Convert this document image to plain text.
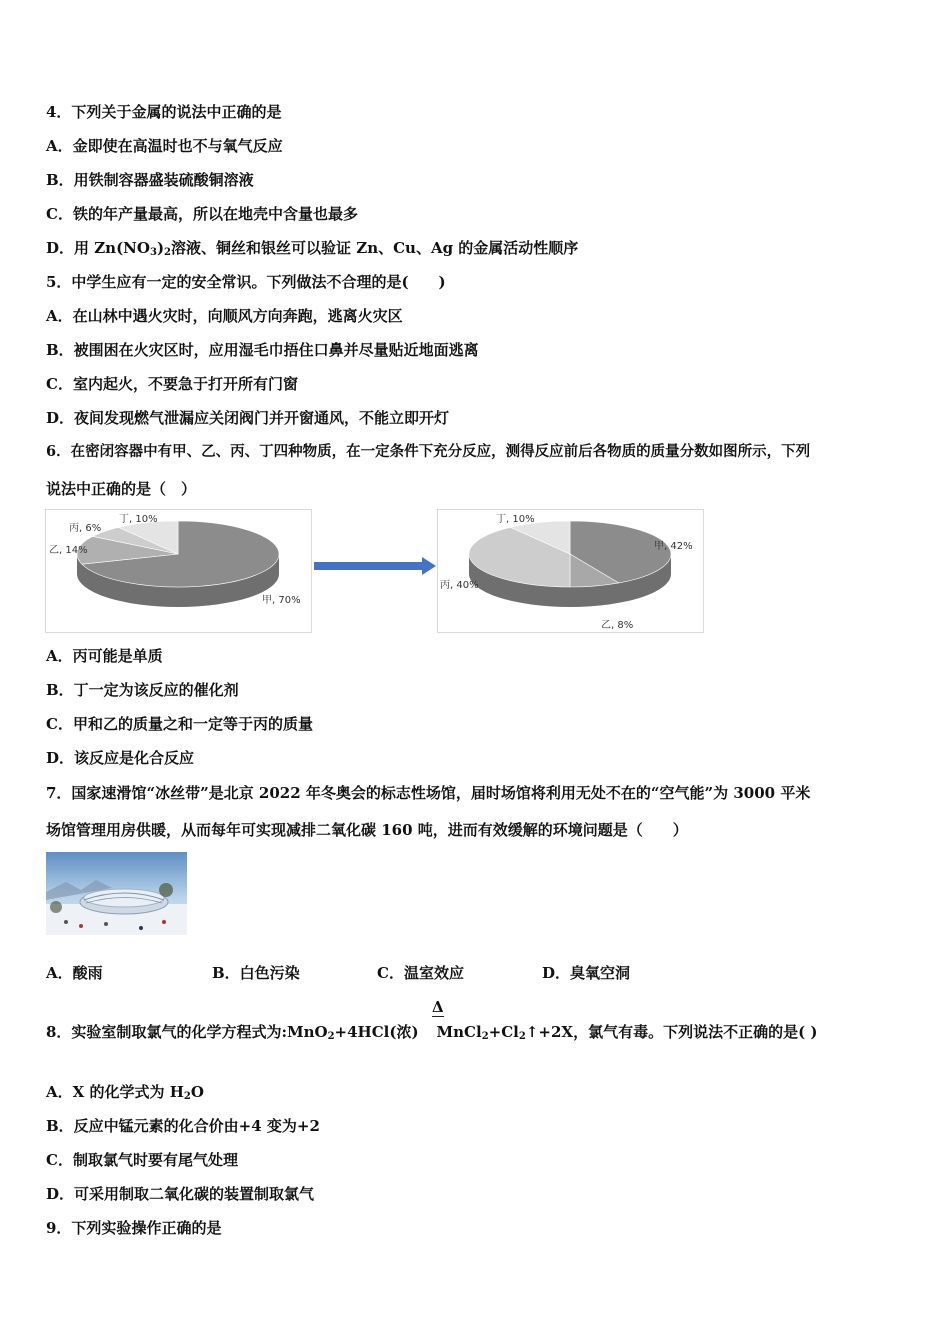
4．下列关于金属的说法中正确的是
A．金即使在高温时也不与氧气反应
B．用铁制容器盛装硫酸铜溶液
C．铁的年产量最高，所以在地壳中含量也最多
D．用 $Zn(NO_3)_2$溶液、铜丝和银丝可以验证 Zn、Cu、Ag 的金属活动性顺序
5．中学生应有一定的安全常识。下列做法不合理的是(　　)
A．在山林中遇火灾时，向顺风方向奔跑，逃离火灾区
B．被围困在火灾区时，应用湿毛巾捂住口鼻并尽量贴近地面逃离
C．室内起火，不要急于打开所有门窗
D．夜间发现燃气泄漏应关闭阀门并开窗通风，不能立即开灯
6．在密闭容器中有甲、乙、丙、丁四种物质，在一定条件下充分反应，测得反应前后各物质的质量分数如图所示，下列
说法中正确的是（　）
甲, 70%
乙, 14%
丙, 6%
丁, 10%
甲, 42%
乙, 8%
丙, 40%
丁, 10%
A．丙可能是单质
B．丁一定为该反应的催化剂
C．甲和乙的质量之和一定等于丙的质量
D．该反应是化合反应
7．国家速滑馆“冰丝带”是北京 2022 年冬奥会的标志性场馆，届时场馆将利用无处不在的“空气能”为 3000 平米
场馆管理用房供暖，从而每年可实现减排二氧化碳 160 吨，进而有效缓解的环境问题是（　　）
A．酸雨	B．白色污染	C．温室效应	D．臭氧空洞
Δ
8．实验室制取氯气的化学方程式为:MnO$_2$+4HCl(浓) $MnCl_2+Cl_2↑+2X$，氯气有毒。下列说法不正确的是( )
A．X 的化学式为 $H_2O$
B．反应中锰元素的化合价由+4 变为+2
C．制取氯气时要有尾气处理
D．可采用制取二氧化碳的装置制取氯气
9．下列实验操作正确的是
